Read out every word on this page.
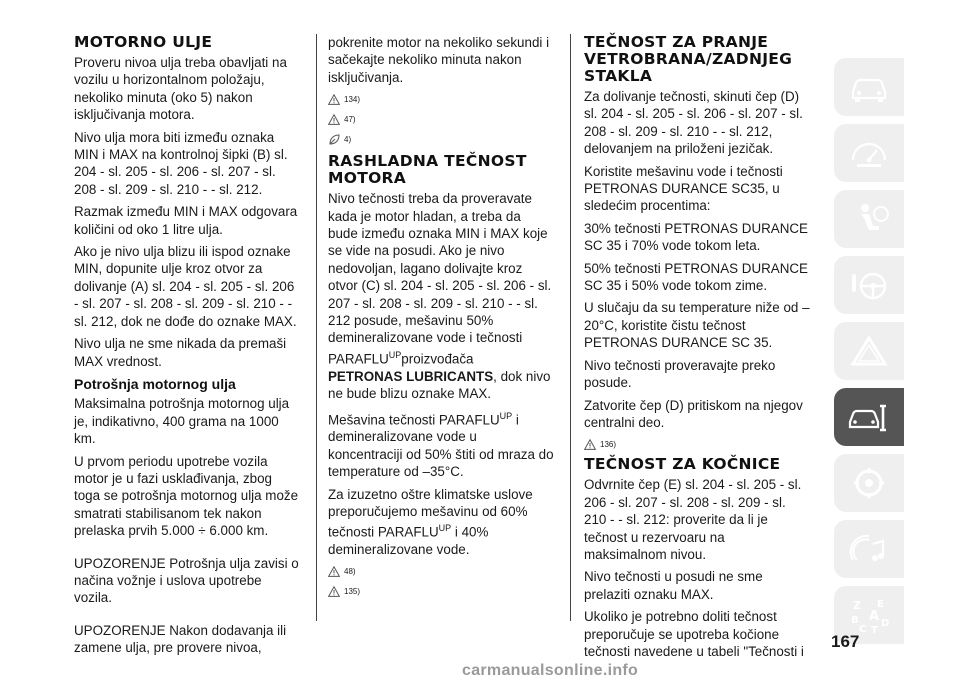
MOTORNO ULJE

Proveru nivoa ulja treba obavljati na vozilu u horizontalnom položaju, nekoliko minuta (oko 5) nakon isključivanja motora.

Nivo ulja mora biti između oznaka MIN i MAX na kontrolnoj šipki (B) sl. 204 - sl. 205 - sl. 206 - sl. 207 - sl. 208 - sl. 209 - sl. 210 - - sl. 212.

Razmak između MIN i MAX odgovara količini od oko 1 litre ulja.

Ako je nivo ulja blizu ili ispod oznake MIN, dopunite ulje kroz otvor za dolivanje (A) sl. 204 - sl. 205 - sl. 206 - sl. 207 - sl. 208 - sl. 209 - sl. 210 - - sl. 212, dok ne dođe do oznake MAX.

Nivo ulja ne sme nikada da premaši MAX vrednost.

Potrošnja motornog ulja

Maksimalna potrošnja motornog ulja je, indikativno, 400 grama na 1000 km.

U prvom periodu upotrebe vozila motor je u fazi usklađivanja, zbog toga se potrošnja motornog ulja može smatrati stabilisanom tek nakon prelaska prvih 5.000 ÷ 6.000 km.

UPOZORENJE Potrošnja ulja zavisi o načina vožnje i uslova upotrebe vozila.

UPOZORENJE Nakon dodavanja ili zamene ulja, pre provere nivoa,

pokrenite motor na nekoliko sekundi i sačekajte nekoliko minuta nakon isključivanja.

134)
47)
4)
RASHLADNA TEČNOST MOTORA

Nivo tečnosti treba da proveravate kada je motor hladan, a treba da bude između oznaka MIN i MAX koje se vide na posudi. Ako je nivo nedovoljan, lagano dolivajte kroz otvor (C) sl. 204 - sl. 205 - sl. 206 - sl. 207 - sl. 208 - sl. 209 - sl. 210 - - sl. 212 posude, mešavinu 50% demineralizovane vode i tečnosti $PARAFLU^{UP}proizvođača$
PETRONAS LUBRICANTS, dok nivo ne bude blizu oznake MAX.

Mešavina tečnosti $PARAFLU^{UP}$ i demineralizovane vode u koncentraciji od 50% štiti od mraza do temperature od –35°C.

Za izuzetno oštre klimatske uslove preporučujemo mešavinu od 60% tečnosti $PARAFLU^{UP}$ i 40% demineralizovane vode.

48)
135)
TEČNOST ZA PRANJE VETROBRANA/ZADNJEG STAKLA

Za dolivanje tečnosti, skinuti čep (D) sl. 204 - sl. 205 - sl. 206 - sl. 207 - sl. 208 - sl. 209 - sl. 210 - - sl. 212, delovanjem na priloženi jezičak.

Koristite mešavinu vode i tečnosti PETRONAS DURANCE SC35, u sledećim procentima:

30% tečnosti PETRONAS DURANCE SC 35 i 70% vode tokom leta.

50% tečnosti PETRONAS DURANCE SC 35 i 50% vode tokom zime.

U slučaju da su temperature niže od –20°C, koristite čistu tečnost PETRONAS DURANCE SC 35.

Nivo tečnosti proveravajte preko posude.

Zatvorite čep (D) pritiskom na njegov centralni deo.

136)
TEČNOST ZA KOČNICE

Odvrnite čep (E) sl. 204 - sl. 205 - sl. 206 - sl. 207 - sl. 208 - sl. 209 - sl. 210 - - sl. 212: proverite da li je tečnost u rezervoaru na maksimalnom nivou.

Nivo tečnosti u posudi ne sme prelaziti oznaku MAX.

Ukoliko je potrebno doliti tečnost preporučuje se upotreba kočione tečnosti navedene u tabeli "Tečnosti i

Z E
B A
C T
D
167
carmanualsonline.info
